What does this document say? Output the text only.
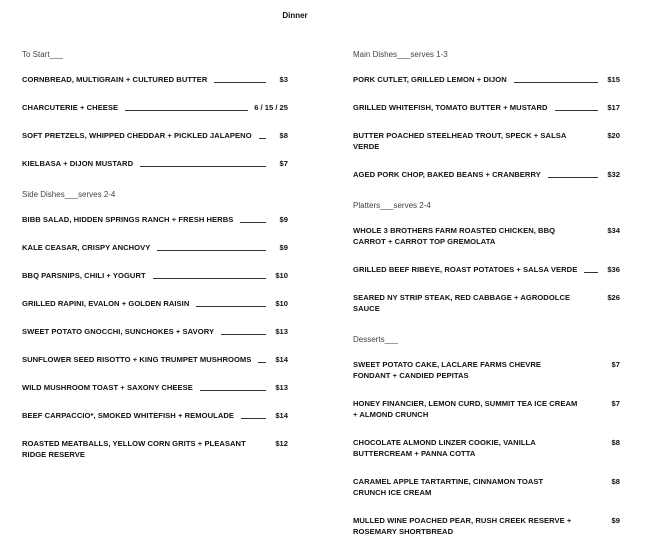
Dinner
To Start___
CORNBREAD, MULTIGRAIN + CULTURED BUTTER	$3
CHARCUTERIE + CHEESE	6 / 15 / 25
SOFT PRETZELS, WHIPPED CHEDDAR + PICKLED JALAPENO	$8
KIELBASA + DIJON MUSTARD	$7
Side Dishes___serves 2-4
BIBB SALAD, HIDDEN SPRINGS RANCH + FRESH HERBS	$9
KALE CEASAR, CRISPY ANCHOVY	$9
BBQ PARSNIPS, CHILI + YOGURT	$10
GRILLED RAPINI, EVALON + GOLDEN RAISIN	$10
SWEET POTATO GNOCCHI, SUNCHOKES + SAVORY	$13
SUNFLOWER SEED RISOTTO + KING TRUMPET MUSHROOMS	$14
WILD MUSHROOM TOAST + SAXONY CHEESE	$13
BEEF CARPACCIO*, SMOKED WHITEFISH + REMOULADE	$14
ROASTED MEATBALLS, YELLOW CORN GRITS + PLEASANT RIDGE RESERVE
$12
Main Dishes___serves 1-3
PORK CUTLET, GRILLED LEMON + DIJON	$15
GRILLED WHITEFISH, TOMATO BUTTER + MUSTARD	$17
BUTTER POACHED STEELHEAD TROUT, SPECK + SALSA VERDE
$20
AGED PORK CHOP, BAKED BEANS + CRANBERRY	$32
Platters___serves 2-4
WHOLE 3 BROTHERS FARM ROASTED CHICKEN, BBQ CARROT + CARROT TOP GREMOLATA
$34
GRILLED BEEF RIBEYE, ROAST POTATOES + SALSA VERDE	$36
SEARED NY STRIP STEAK, RED CABBAGE + AGRODOLCE SAUCE
$26
Desserts___
SWEET POTATO CAKE, LACLARE FARMS CHEVRE FONDANT + CANDIED PEPITAS
$7
HONEY FINANCIER, LEMON CURD, SUMMIT TEA ICE CREAM + ALMOND CRUNCH
$7
CHOCOLATE ALMOND LINZER COOKIE, VANILLA BUTTERCREAM + PANNA COTTA
$8
CARAMEL APPLE TARTARTINE, CINNAMON TOAST CRUNCH ICE CREAM
$8
MULLED WINE POACHED PEAR, RUSH CREEK RESERVE + ROSEMARY SHORTBREAD
$9
